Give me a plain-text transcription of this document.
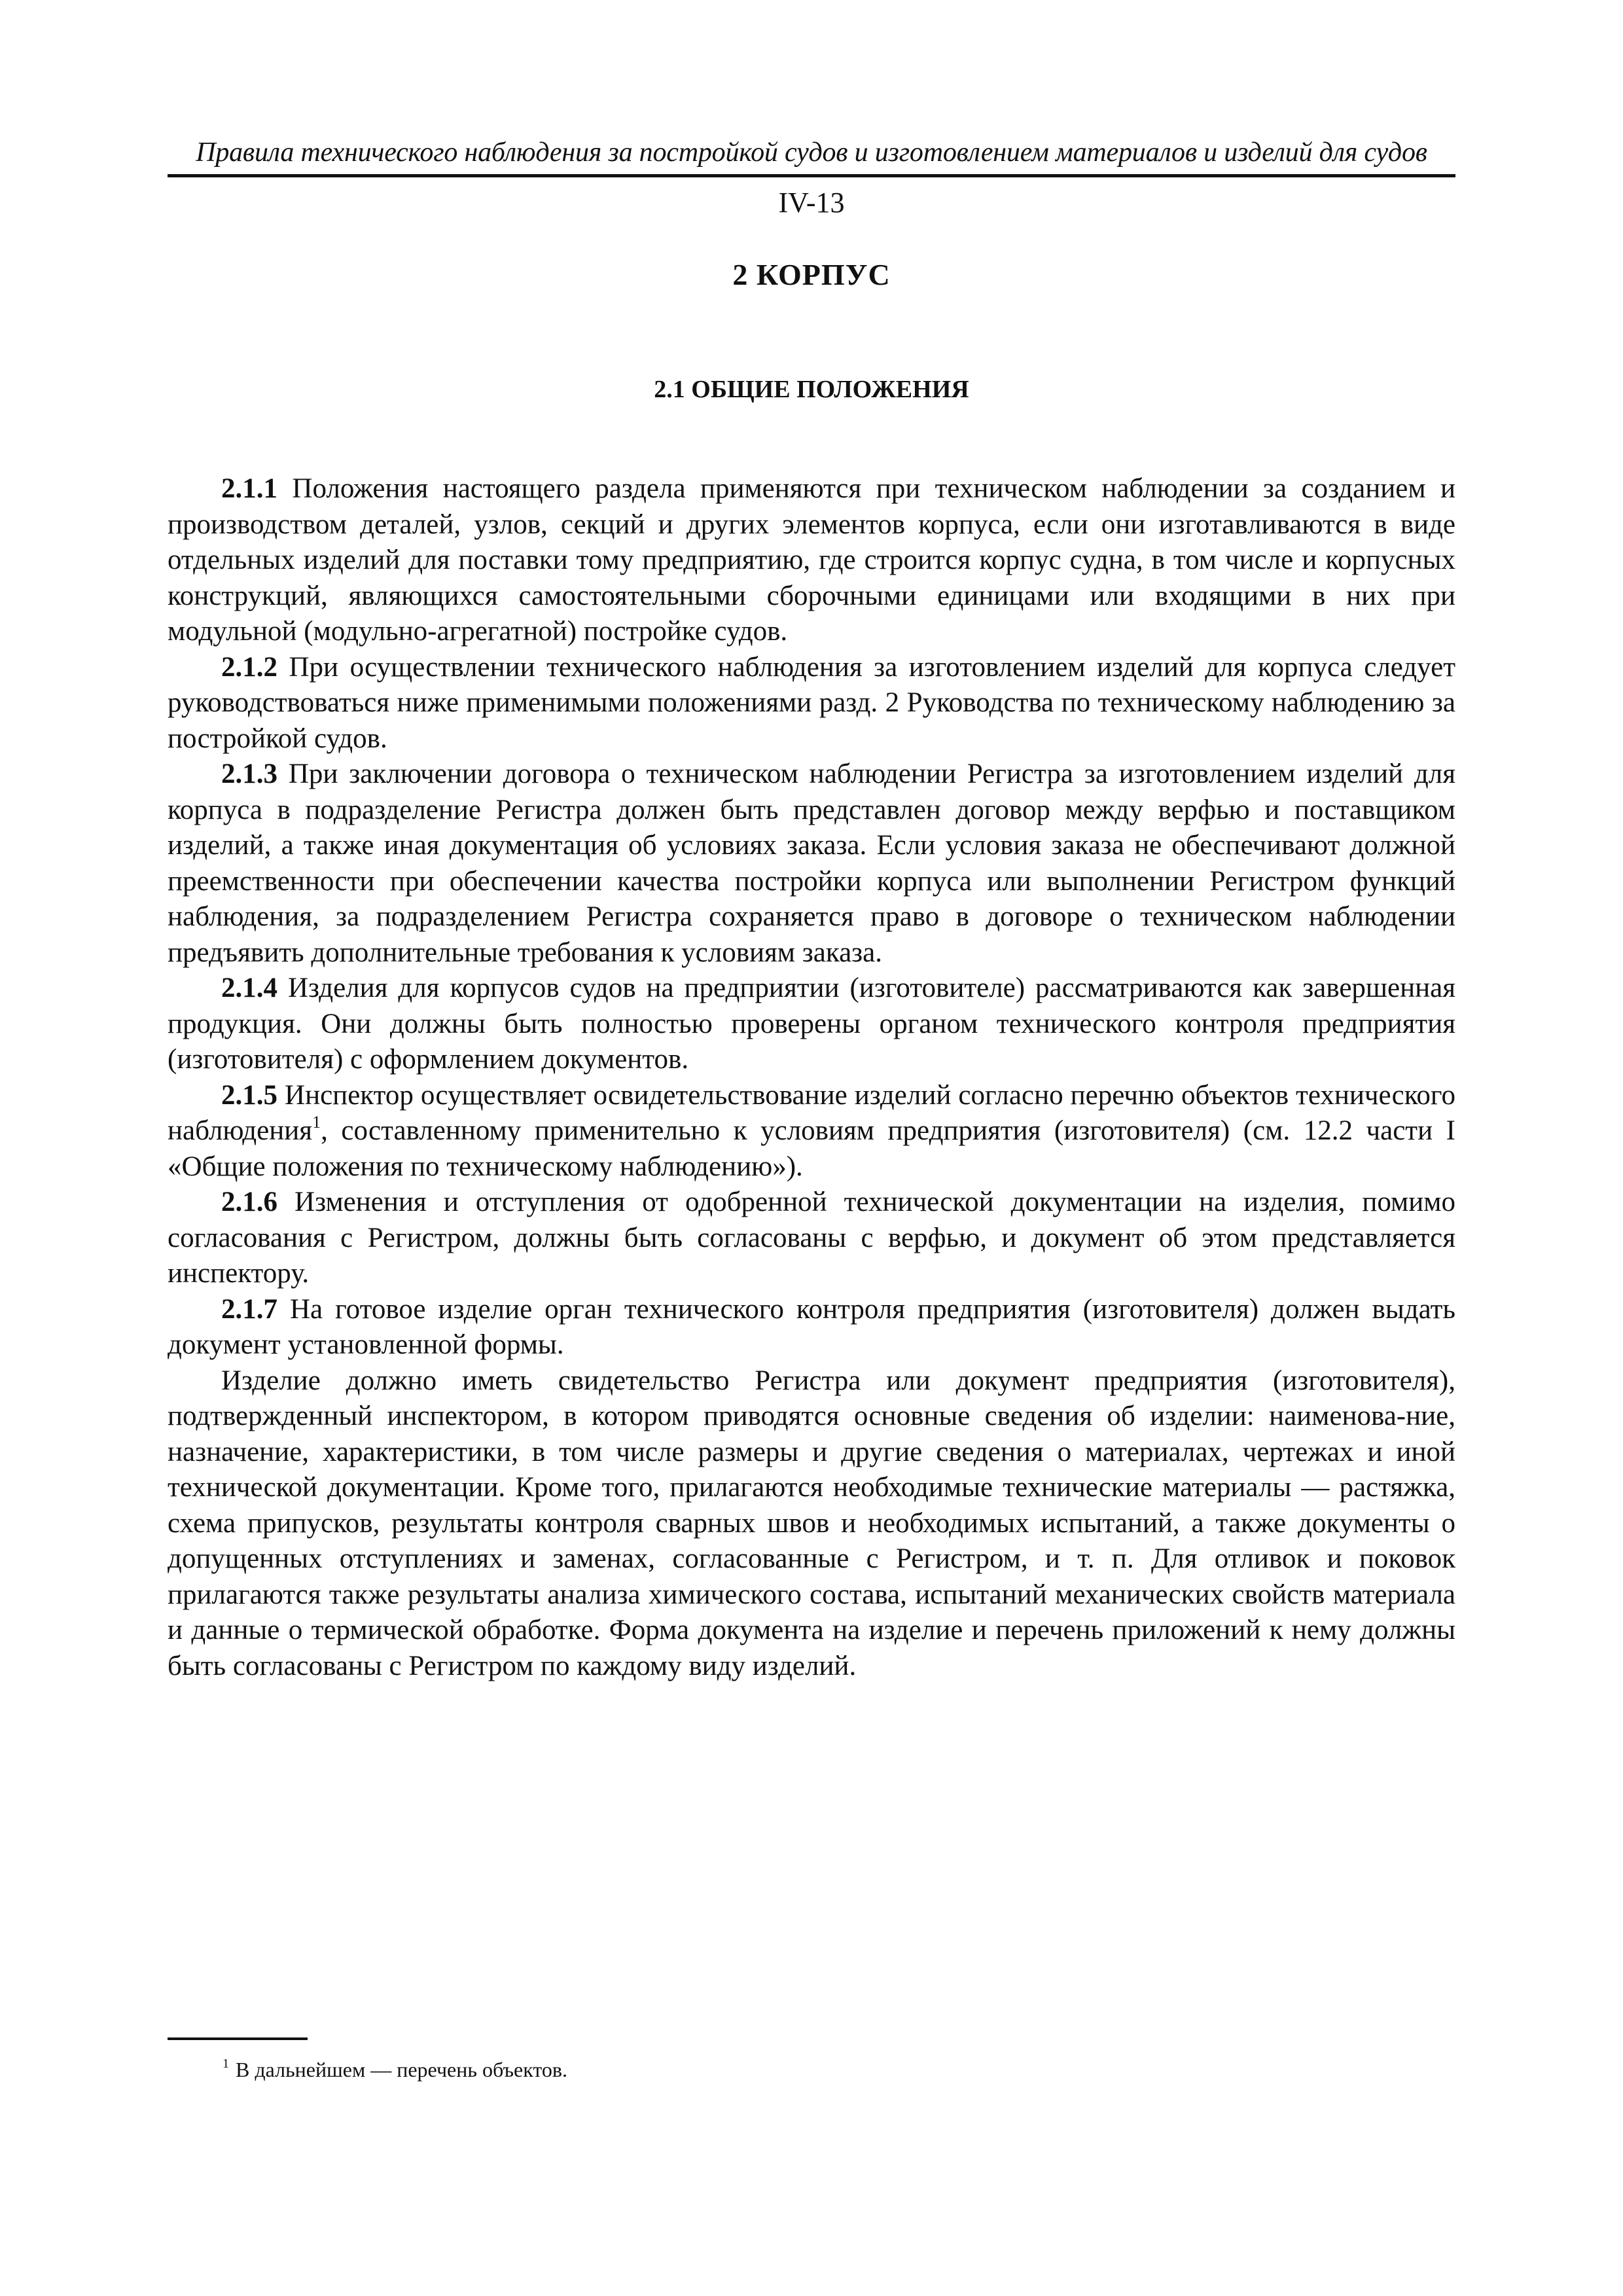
Правила технического наблюдения за постройкой судов и изготовлением материалов и изделий для судов
IV-13
2 КОРПУС
2.1 ОБЩИЕ ПОЛОЖЕНИЯ

2.1.1 Положения настоящего раздела применяются при техническом наблюдении за созданием и производством деталей, узлов, секций и других элементов корпуса, если они изготавливаются в виде отдельных изделий для поставки тому предприятию, где строится корпус судна, в том числе и корпусных конструкций, являющихся самостоятельными сборочными единицами или входящими в них при модульной (модульно-агрегатной) постройке судов.

2.1.2 При осуществлении технического наблюдения за изготовлением изделий для корпуса следует руководствоваться ниже применимыми положениями разд. 2 Руководства по техническому наблюдению за постройкой судов.

2.1.3 При заключении договора о техническом наблюдении Регистра за изготовлением изделий для корпуса в подразделение Регистра должен быть представлен договор между верфью и поставщиком изделий, а также иная документация об условиях заказа. Если условия заказа не обеспечивают должной преемственности при обеспечении качества постройки корпуса или выполнении Регистром функций наблюдения, за подразделением Регистра сохраняется право в договоре о техническом наблюдении предъявить дополнительные требования к условиям заказа.

2.1.4 Изделия для корпусов судов на предприятии (изготовителе) рассматриваются как завершенная продукция. Они должны быть полностью проверены органом технического контроля предприятия (изготовителя) с оформлением документов.

2.1.5 Инспектор осуществляет освидетельствование изделий согласно перечню объектов технического наблюдения$^1$, составленному применительно к условиям предприятия (изготовителя) (см. 12.2 части I «Общие положения по техническому наблюдению»).

2.1.6 Изменения и отступления от одобренной технической документации на изделия, помимо согласования с Регистром, должны быть согласованы с верфью, и документ об этом представляется инспектору.

2.1.7 На готовое изделие орган технического контроля предприятия (изготовителя) должен выдать документ установленной формы.

Изделие должно иметь свидетельство Регистра или документ предприятия (изготовителя), подтвержденный инспектором, в котором приводятся основные сведения об изделии: наименова-ние, назначение, характеристики, в том числе размеры и другие сведения о материалах, чертежах и иной технической документации. Кроме того, прилагаются необходимые технические материалы — растяжка, схема припусков, результаты контроля сварных швов и необходимых испытаний, а также документы о допущенных отступлениях и заменах, согласованные с Регистром, и т. п. Для отливок и поковок прилагаются также результаты анализа химического состава, испытаний механических свойств материала и данные о термической обработке. Форма документа на изделие и перечень приложений к нему должны быть согласованы с Регистром по каждому виду изделий.

$^1$ В дальнейшем — перечень объектов.
